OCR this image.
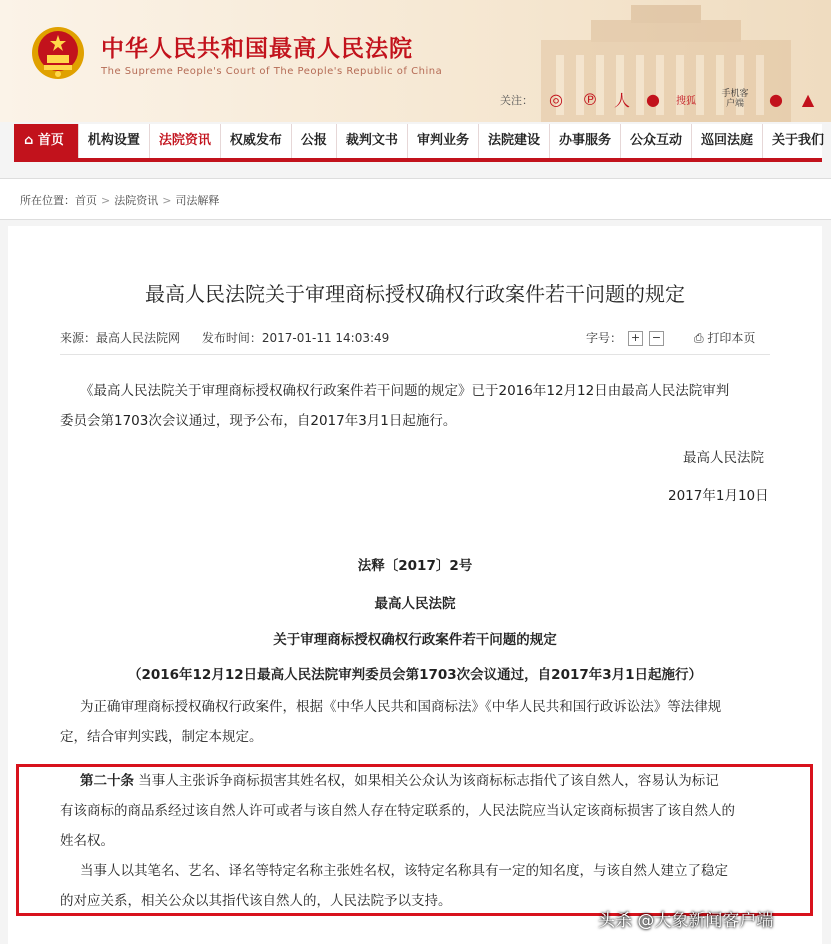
中华人民共和国最高人民法院
The Supreme People's Court of The People's Republic of China
关注：	◎	℗ 人	●	搜狐
手机客户端	●	▲
⌂ 首页	机构设置	法院资讯	权威发布	公报	裁判文书	审判业务	法院建设	办事服务	公众互动	巡回法庭	关于我们
所在位置：首页 > 法院资讯 > 司法解释
最高人民法院关于审理商标授权确权行政案件若干问题的规定
来源：最高人民法院网 发布时间：2017-01-11 14:03:49	字号： + −	⎙ 打印本页
《最高人民法院关于审理商标授权确权行政案件若干问题的规定》已于2016年12月12日由最高人民法院审判
委员会第1703次会议通过，现予公布，自2017年3月1日起施行。
最高人民法院
2017年1月10日
法释〔2017〕2号
最高人民法院
关于审理商标授权确权行政案件若干问题的规定
（2016年12月12日最高人民法院审判委员会第1703次会议通过，自2017年3月1日起施行）
为正确审理商标授权确权行政案件，根据《中华人民共和国商标法》《中华人民共和国行政诉讼法》等法律规
定，结合审判实践，制定本规定。
第二十条 当事人主张诉争商标损害其姓名权，如果相关公众认为该商标标志指代了该自然人，容易认为标记
有该商标的商品系经过该自然人许可或者与该自然人存在特定联系的，人民法院应当认定该商标损害了该自然人的
姓名权。
当事人以其笔名、艺名、译名等特定名称主张姓名权，该特定名称具有一定的知名度，与该自然人建立了稳定
的对应关系，相关公众以其指代该自然人的，人民法院予以支持。
头杀 @大象新闻客户端
